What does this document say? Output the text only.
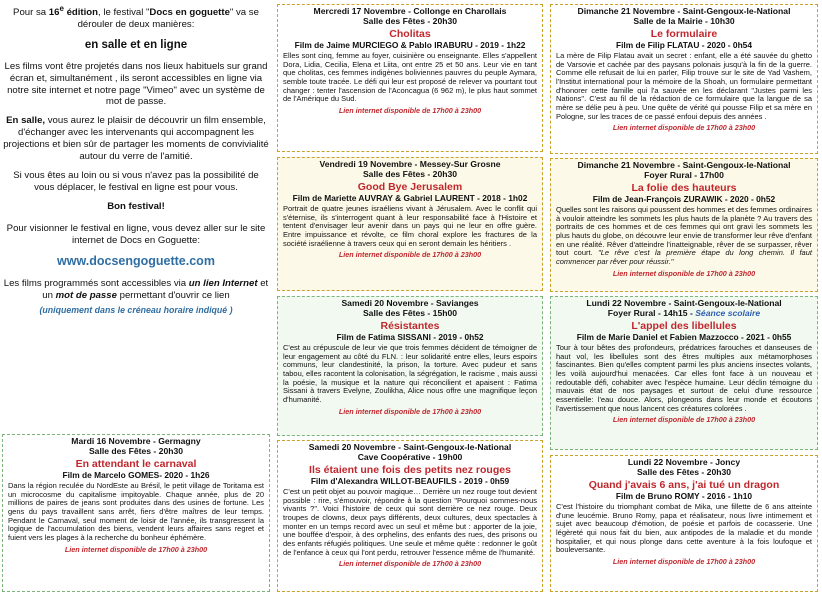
Pour sa 16e édition, le festival "Docs en goguette" va se dérouler de deux manières:

en salle et en ligne

Les films vont être projetés dans nos lieux habituels sur grand écran et, simultanément , ils seront accessibles en ligne via notre site internet et notre page "Vimeo" avec un système de mot de passe.

En salle, vous aurez le plaisir de découvrir un film ensemble, d'échanger avec les intervenants qui accompagnent les projections et bien sûr de partager les moments de convivialité autour du verre de l'amitié.

Si vous êtes au loin ou si vous n'avez pas la possibilité de vous déplacer, le festival en ligne est pour vous.

Bon festival!

Pour visionner le festival en ligne, vous devez aller sur le site internet de Docs en Goguette:

www.docsengoguette.com

Les films programmés sont accessibles via un lien Internet et un mot de passe permettant d'ouvrir ce lien

(uniquement dans le créneau horaire indiqué )
Mardi 16 Novembre - Germagny
Salle des Fêtes - 20h30
En attendant le carnaval
Film de Marcelo GOMES- 2020 - 1h26
Dans la région reculée du NordEste au Brésil, le petit village de Toritama est un microcosme du capitalisme impitoyable. Chaque année, plus de 20 millions de paires de jeans sont produites dans des usines de fortune. Les gens du pays travaillent sans arrêt, fiers d'être maîtres de leur temps. Pendant le Carnaval, seul moment de loisir de l'année, ils transgressent la logique de l'accumulation des biens, vendent leurs affaires sans regret et fuient vers les plages à la recherche du bonheur éphémère.
Lien internet disponible de 17h00 à 23h00
Mercredi 17 Novembre - Collonge en Charollais
Salle des Fêtes - 20h30
Cholitas
Film de Jaime MURCIEGO & Pablo IRABURU - 2019 - 1h22
Elles sont cinq, femme au foyer, cuisinière ou enseignante. Elles s'appellent Dora, Lidia, Cecilia, Elena et Liita, ont entre 25 et 50 ans. Leur vie en tant que cholitas, ces femmes indigènes boliviennes pauvres du peuple Aymara, semble toute tracée. Le défi qui leur est proposé de relever va pourtant tout changer : tenter l'ascension de l'Aconcagua (6 962 m), le plus haut sommet de l'Amérique du Sud.
Lien internet disponible de 17h00 à 23h00
Vendredi 19 Novembre - Messey-Sur Grosne
Salle des Fêtes - 20h30
Good Bye Jerusalem
Film de Mariette AUVRAY & Gabriel LAURENT - 2018 - 1h02
Portrait de quatre jeunes israéliens vivant à Jérusalem. Avec le conflit qui s'éternise, ils s'interrogent quant à leur responsabilité face à l'Histoire et tentent d'envisager leur avenir dans un pays qui ne leur en offre guère. Entre impuissance et révolte, ce film choral explore les fractures de la société israélienne à travers ceux qui en seront demain les héritiers .
Lien internet disponible de 17h00 à 23h00
Samedi 20 Novembre - Savianges
Salle des Fêtes - 15h00
Résistantes
Film de Fatima SISSANI - 2019 - 0h52
C'est au crépuscule de leur vie que trois femmes décident de témoigner de leur engagement au côté du FLN. : leur solidarité entre elles, leurs espoirs communs, leur clandestinité, la prison, la torture. Avec pudeur et sans tabou, elles racontent la colonisation, la ségrégation, le racisme , mais aussi la poésie, la musique et la nature qui réconcilient et apaisent : Fatima Sissani à travers Evelyne, Zoulikha, Alice nous offre une magnifique leçon d'humanité.
Lien internet disponible de 17h00 à 23h00
Samedi 20 Novembre - Saint-Gengoux-le-National
Cave Coopérative - 19h00
Ils étaient une fois des petits nez rouges
Film d'Alexandra WILLOT-BEAUFILS - 2019 - 0h59
C'est un petit objet au pouvoir magique… Derrière un nez rouge tout devient possible : rire, s'émouvoir, répondre à la question "Pourquoi sommes-nous vivants ?". Voici l'histoire de ceux qui sont derrière ce nez rouge. Deux troupes de clowns, deux pays différents, deux cultures, deux spectacles à monter en un temps record avec un seul et même but : apporter de la joie, une bouffée d'espoir, à des orphelins, des enfants des rues, des prisons ou des enfants réfugiés politiques. Une seule et même quête : redonner le goût de l'enfance à ceux qui l'ont perdu, retrouver l'essence même de l'humanité.
Lien internet disponible de 17h00 à 23h00
Dimanche 21 Novembre - Saint-Gengoux-le-National
Salle de la Mairie - 10h30
Le formulaire
Film de Filip FLATAU - 2020 - 0h54
La mère de Filip Flatau avait un secret : enfant, elle a été sauvée du ghetto de Varsovie et cachée par des paysans polonais jusqu'à la fin de la guerre. Comme elle refusait de lui en parler, Filip trouve sur le site de Yad Vashem, l'Institut international pour la mémoire de la Shoah, un formulaire permettant d'honorer cette famille qui l'a sauvée en les déclarant "Justes parmi les Nations". C'est au fil de la rédaction de ce formulaire que la langue de sa mère se délie peu à peu. Une quête de vérité qui pousse Filip et sa mère en Pologne, sur les traces de ce passé enfoui depuis des années .
Lien internet disponible de 17h00 à 23h00
Dimanche 21 Novembre - Saint-Gengoux-le-National
Foyer Rural - 17h00
La folie des hauteurs
Film de Jean-François ZURAWIK - 2020 - 0h52
Quelles sont les raisons qui poussent des hommes et des femmes ordinaires à vouloir atteindre les sommets les plus hauts de la planète ? Au travers des portraits de ces hommes et de ces femmes qui ont gravi les sommets les plus hauts du globe, on découvre leur envie de transformer leur rêve d'enfant en une réalité. Rêver d'atteindre l'inatteignable, rêver de se surpasser, rêver tout court. "Le rêve c'est la première étape du long chemin. Il faut commencer par rêver pour réussir."
Lien internet disponible de 17h00 à 23h00
Lundi 22 Novembre - Saint-Gengoux-le-National
Foyer Rural - 14h15 - Séance scolaire
L'appel des libellules
Film de Marie Daniel et Fabien Mazzocco - 2021 - 0h55
Tour à tour bêtes des profondeurs, prédatrices farouches et danseuses de haut vol, les libellules sont des êtres multiples aux métamorphoses fascinantes. Bien qu'elles comptent parmi les plus anciens insectes volants, les voilà aujourd'hui menacées. Car elles font face à un nouveau et redoutable défi, cohabiter avec l'espèce humaine. Leur déclin témoigne du mauvais état de nos paysages et surtout de celui d'une ressource essentielle: l'eau douce. Alors, plongeons dans leur monde et écoutons l'avertissement que nous lancent ces créatures colorées .
Lien internet disponible de 17h00 à 23h00
Lundi 22 Novembre - Joncy
Salle des Fêtes - 20h30
Quand j'avais 6 ans, j'ai tué un dragon
Film de Bruno ROMY - 2016 - 1h10
C'est l'histoire du triomphant combat de Mika, une fillette de 6 ans atteinte d'une leucémie. Bruno Romy, papa et réalisateur, nous livre intimement et sujet avec beaucoup d'émotion, de poésie et parfois de cocasserie. Une légèreté qui nous fait du bien, aux antipodes de la maladie et du monde hospitalier, et qui nous plonge dans cette aventure à la fois loufoque et bouleversante.
Lien internet disponible de 17h00 à 23h00
